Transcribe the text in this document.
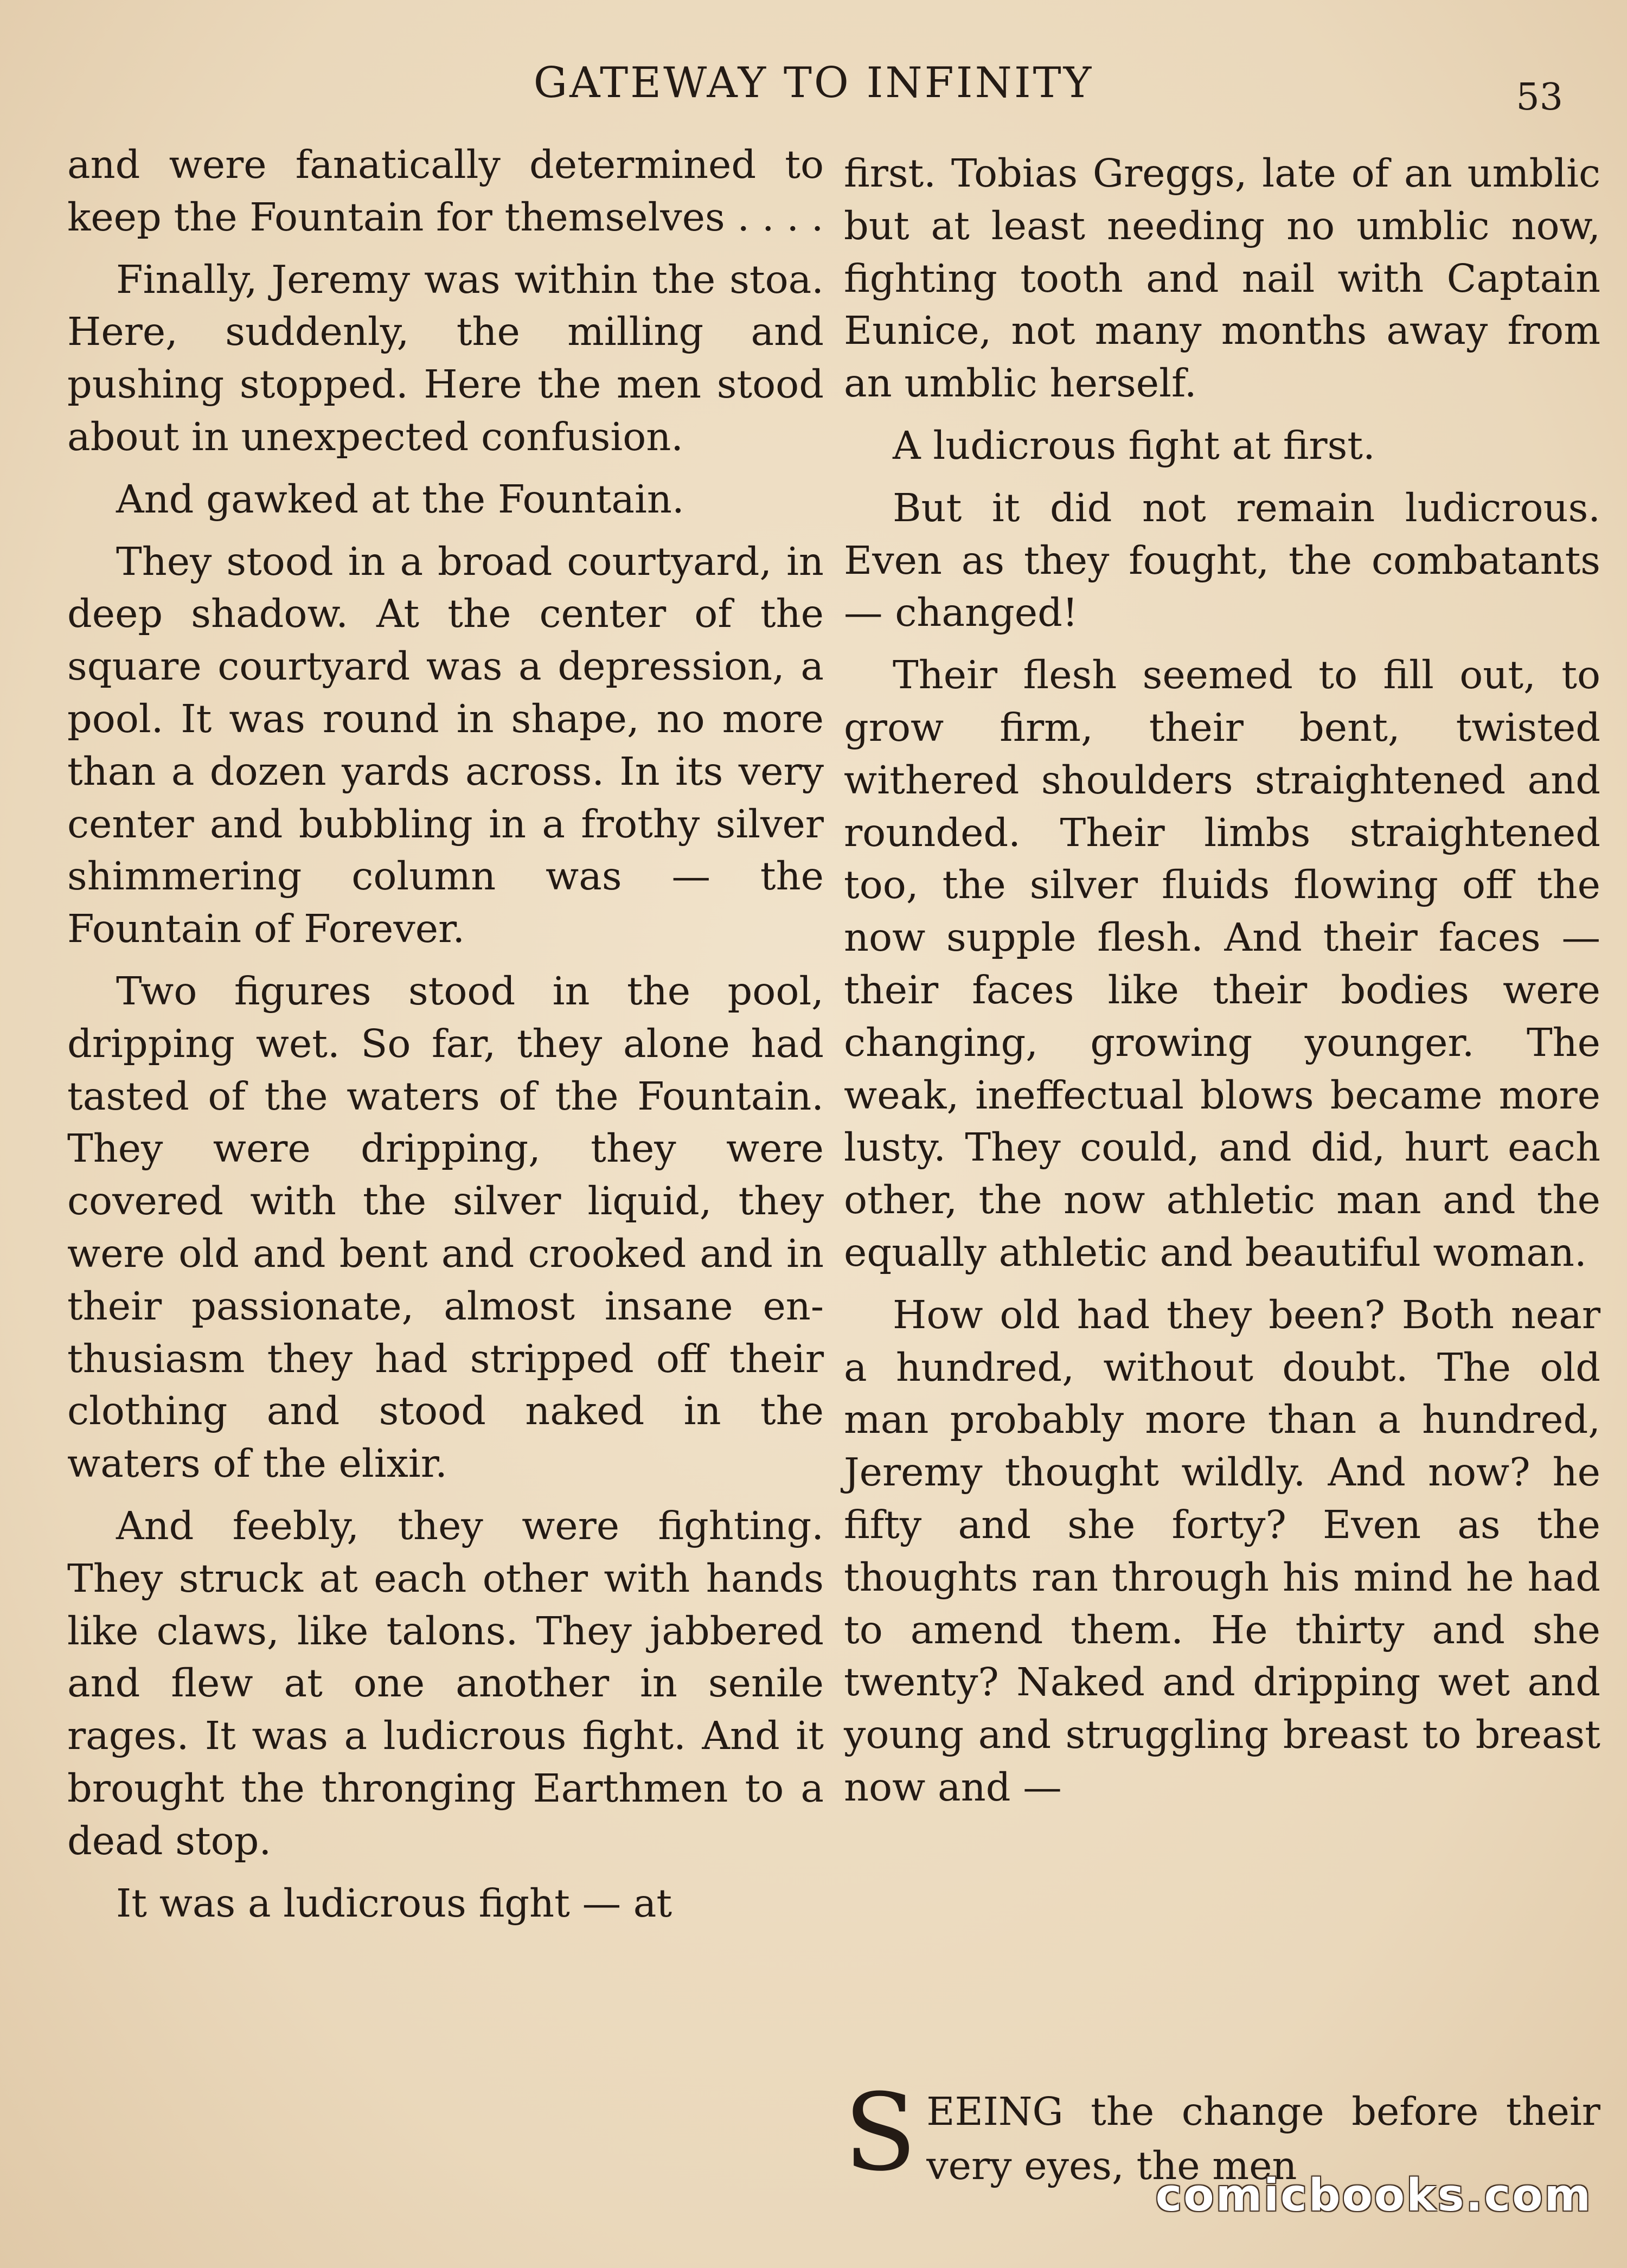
GATEWAY TO INFINITY	53

and were fanatically determined to keep the Fountain for themselves . . . .

Finally, Jeremy was within the stoa. Here, suddenly, the milling and pushing stopped. Here the men stood about in unexpected confusion.

And gawked at the Fountain.

They stood in a broad courtyard, in deep shadow. At the center of the square courtyard was a depression, a pool. It was round in shape, no more than a dozen yards across. In its very center and bubbling in a frothy silver shimmering column was — the Fountain of Forever.

Two figures stood in the pool, dripping wet. So far, they alone had tasted of the waters of the Fountain. They were dripping, they were covered with the silver liquid, they were old and bent and crooked and in their passionate, almost insane enthusiasm they had stripped off their clothing and stood naked in the waters of the elixir.

And feebly, they were fighting. They struck at each other with hands like claws, like talons. They jabbered and flew at one another in senile rages. It was a ludicrous fight. And it brought the thronging Earthmen to a dead stop.

It was a ludicrous fight — at

first. Tobias Greggs, late of an umblic but at least needing no umblic now, fighting tooth and nail with Captain Eunice, not many months away from an umblic herself.

A ludicrous fight at first.

But it did not remain ludicrous. Even as they fought, the combatants — changed!

Their flesh seemed to fill out, to grow firm, their bent, twisted withered shoulders straightened and rounded. Their limbs straightened too, the silver fluids flowing off the now supple flesh. And their faces — their faces like their bodies were changing, growing younger. The weak, ineffectual blows became more lusty. They could, and did, hurt each other, the now athletic man and the equally athletic and beautiful woman.

How old had they been? Both near a hundred, without doubt. The old man probably more than a hundred, Jeremy thought wildly. And now? he fifty and she forty? Even as the thoughts ran through his mind he had to amend them. He thirty and she twenty? Naked and dripping wet and young and struggling breast to breast now and —

S EEING the change before their very eyes, the men
comicbooks.com
